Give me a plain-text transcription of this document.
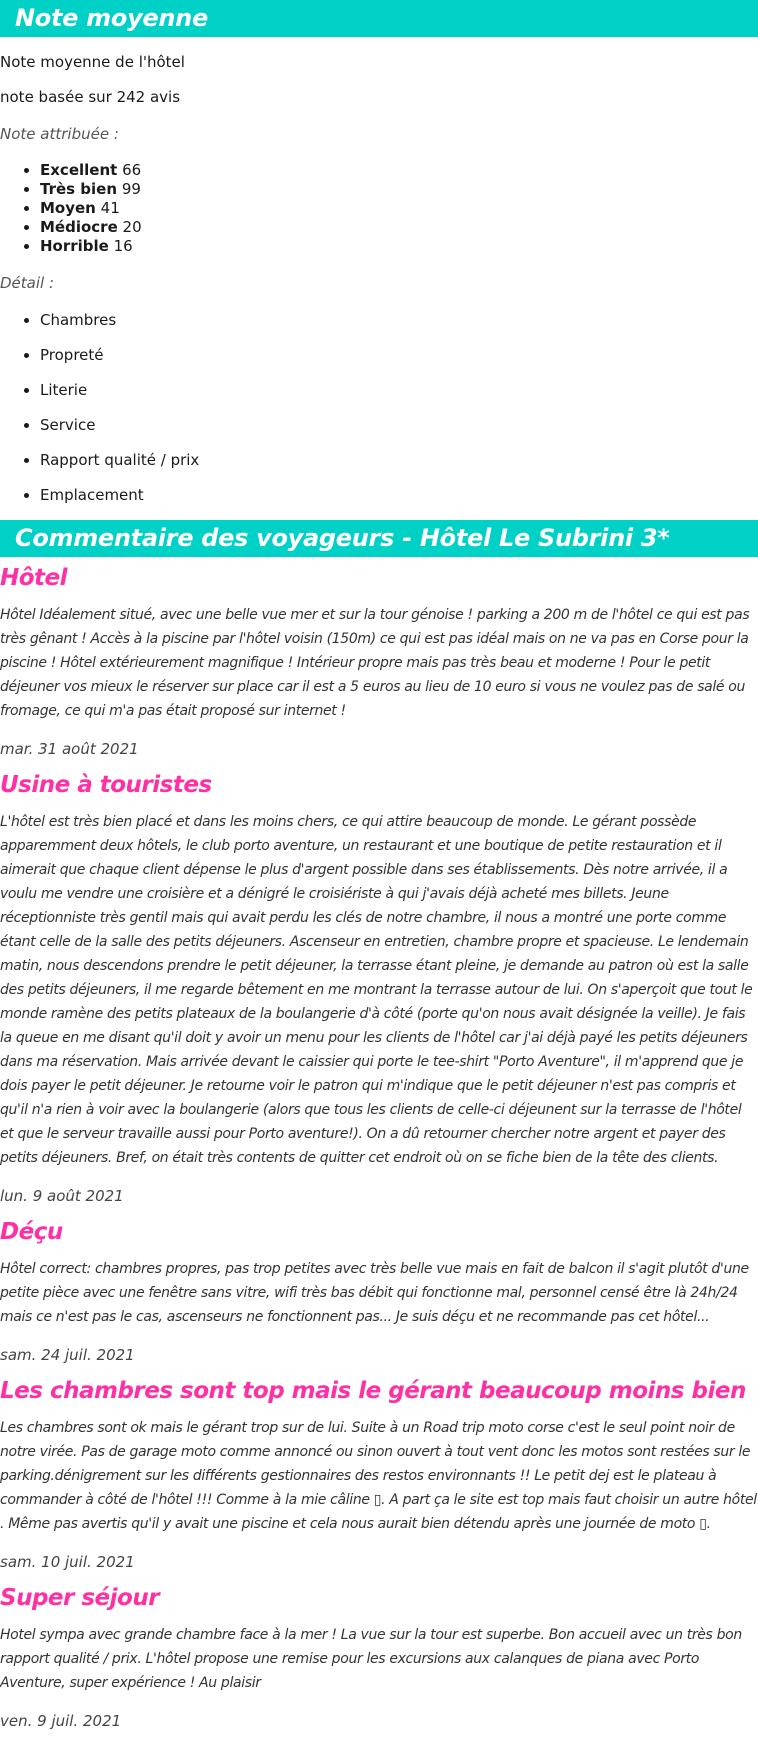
Note moyenne

Note moyenne de l'hôtel

note basée sur 242 avis

Note attribuée :

• Excellent 66
• Très bien 99
• Moyen 41
• Médiocre 20
• Horrible 16

Détail :

• Chambres
• Propreté
• Literie
• Service
• Rapport qualité / prix
• Emplacement
Commentaire des voyageurs - Hôtel Le Subrini 3*
Hôtel

Hôtel Idéalement situé, avec une belle vue mer et sur la tour génoise ! parking a 200 m de l'hôtel ce qui est pas très gênant ! Accès à la piscine par l'hôtel voisin (150m) ce qui est pas idéal mais on ne va pas en Corse pour la piscine ! Hôtel extérieurement magnifique ! Intérieur propre mais pas très beau et moderne ! Pour le petit déjeuner vos mieux le réserver sur place car il est a 5 euros au lieu de 10 euro si vous ne voulez pas de salé ou fromage, ce qui m'a pas était proposé sur internet !

mar. 31 août 2021

Usine à touristes

L'hôtel est très bien placé et dans les moins chers, ce qui attire beaucoup de monde. Le gérant possède apparemment deux hôtels, le club porto aventure, un restaurant et une boutique de petite restauration et il aimerait que chaque client dépense le plus d'argent possible dans ses établissements. Dès notre arrivée, il a voulu me vendre une croisière et a dénigré le croisiériste à qui j'avais déjà acheté mes billets. Jeune réceptionniste très gentil mais qui avait perdu les clés de notre chambre, il nous a montré une porte comme étant celle de la salle des petits déjeuners. Ascenseur en entretien, chambre propre et spacieuse. Le lendemain matin, nous descendons prendre le petit déjeuner, la terrasse étant pleine, je demande au patron où est la salle des petits déjeuners, il me regarde bêtement en me montrant la terrasse autour de lui. On s'aperçoit que tout le monde ramène des petits plateaux de la boulangerie d'à côté (porte qu'on nous avait désignée la veille). Je fais la queue en me disant qu'il doit y avoir un menu pour les clients de l'hôtel car j'ai déjà payé les petits déjeuners dans ma réservation. Mais arrivée devant le caissier qui porte le tee-shirt "Porto Aventure", il m'apprend que je dois payer le petit déjeuner. Je retourne voir le patron qui m'indique que le petit déjeuner n'est pas compris et qu'il n'a rien à voir avec la boulangerie (alors que tous les clients de celle-ci déjeunent sur la terrasse de l'hôtel et que le serveur travaille aussi pour Porto aventure!). On a dû retourner chercher notre argent et payer des petits déjeuners. Bref, on était très contents de quitter cet endroit où on se fiche bien de la tête des clients.

lun. 9 août 2021

Déçu

Hôtel correct: chambres propres, pas trop petites avec très belle vue mais en fait de balcon il s'agit plutôt d'une petite pièce avec une fenêtre sans vitre, wifi très bas débit qui fonctionne mal, personnel censé être là 24h/24 mais ce n'est pas le cas, ascenseurs ne fonctionnent pas... Je suis déçu et ne recommande pas cet hôtel...

sam. 24 juil. 2021

Les chambres sont top mais le gérant beaucoup moins bien

Les chambres sont ok mais le gérant trop sur de lui. Suite à un Road trip moto corse c'est le seul point noir de notre virée. Pas de garage moto comme annoncé ou sinon ouvert à tout vent donc les motos sont restées sur le parking.dénigrement sur les différents gestionnaires des restos environnants !! Le petit dej est le plateau à commander à côté de l'hôtel !!! Comme à la mie câline ▯. A part ça le site est top mais faut choisir un autre hôtel . Même pas avertis qu'il y avait une piscine et cela nous aurait bien détendu après une journée de moto ▯.

sam. 10 juil. 2021

Super séjour

Hotel sympa avec grande chambre face à la mer ! La vue sur la tour est superbe. Bon accueil avec un très bon rapport qualité / prix. L'hôtel propose une remise pour les excursions aux calanques de piana avec Porto Aventure, super expérience ! Au plaisir

ven. 9 juil. 2021
